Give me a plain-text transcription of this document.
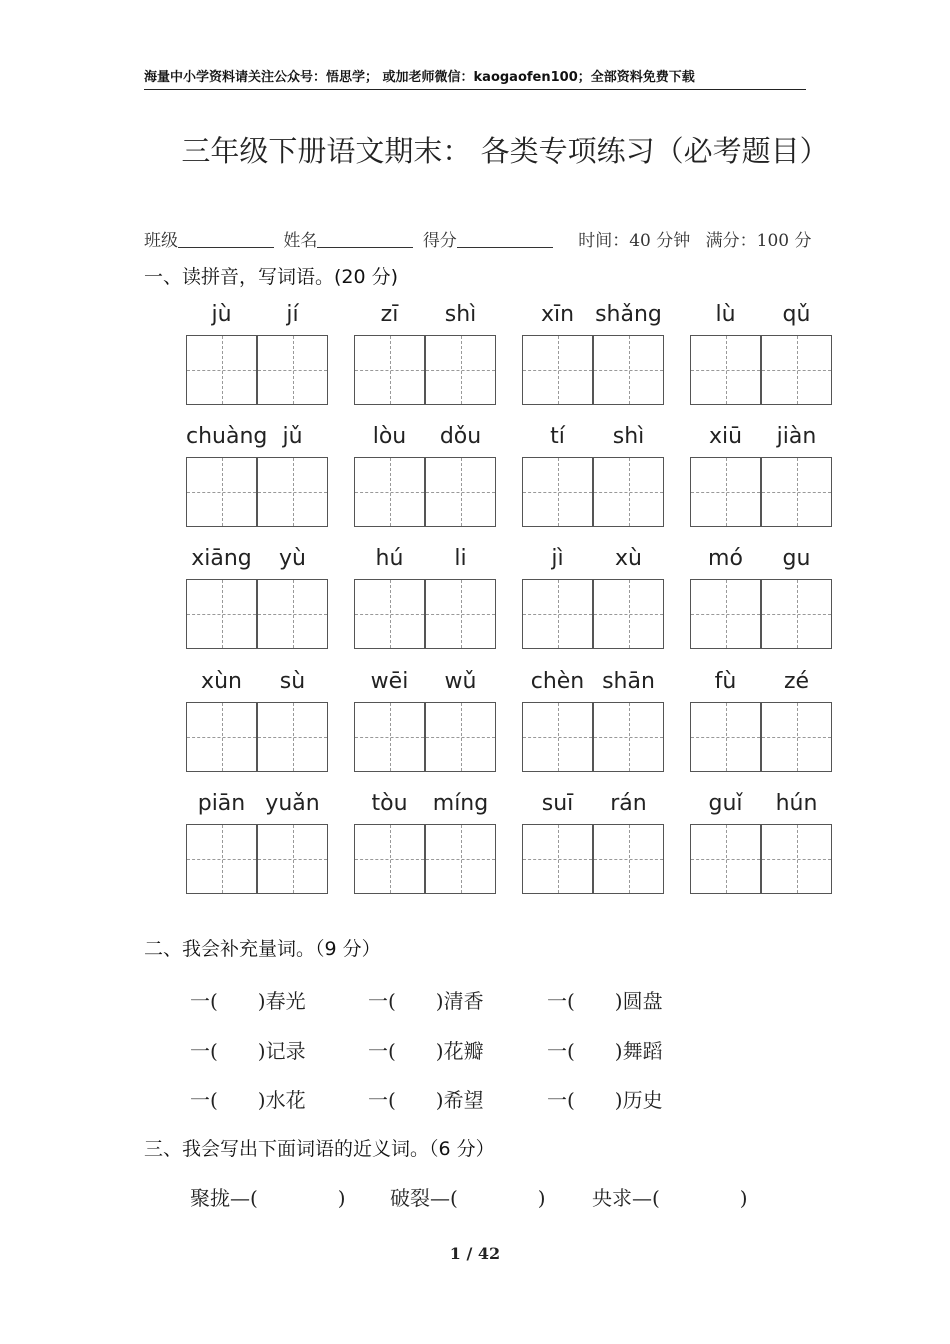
海量中小学资料请关注公众号：悟思学； 或加老师微信：kaogaofen100；全部资料免费下载
三年级下册语文期末： 各类专项练习（必考题目）
班级	姓名	得分	时间：40 分钟 满分：100 分
一、读拼音，写词语。(20 分)
jù	jí	zī	shì	xīn shǎng	lù	qǔ
chuàng jǔ	lòu	dǒu	tí	shì	xiū	jiàn
xiāng	yù	hú	li	jì	xù	mó	gu
xùn	sù	wēi	wǔ	chèn shān	fù	zé
piān yuǎn	tòu	míng	suī	rán	guǐ	hún
二、我会补充量词。（9 分）
一(　　)春光	一(　　)清香	一(　　)圆盘
一(　　)记录	一(　　)花瓣	一(　　)舞蹈
一(　　)水花	一(　　)希望	一(　　)历史
三、我会写出下面词语的近义词。（6 分）
聚拢—(　　　　) 破裂—(　　　　) 央求—(　　　　)
1 / 42
